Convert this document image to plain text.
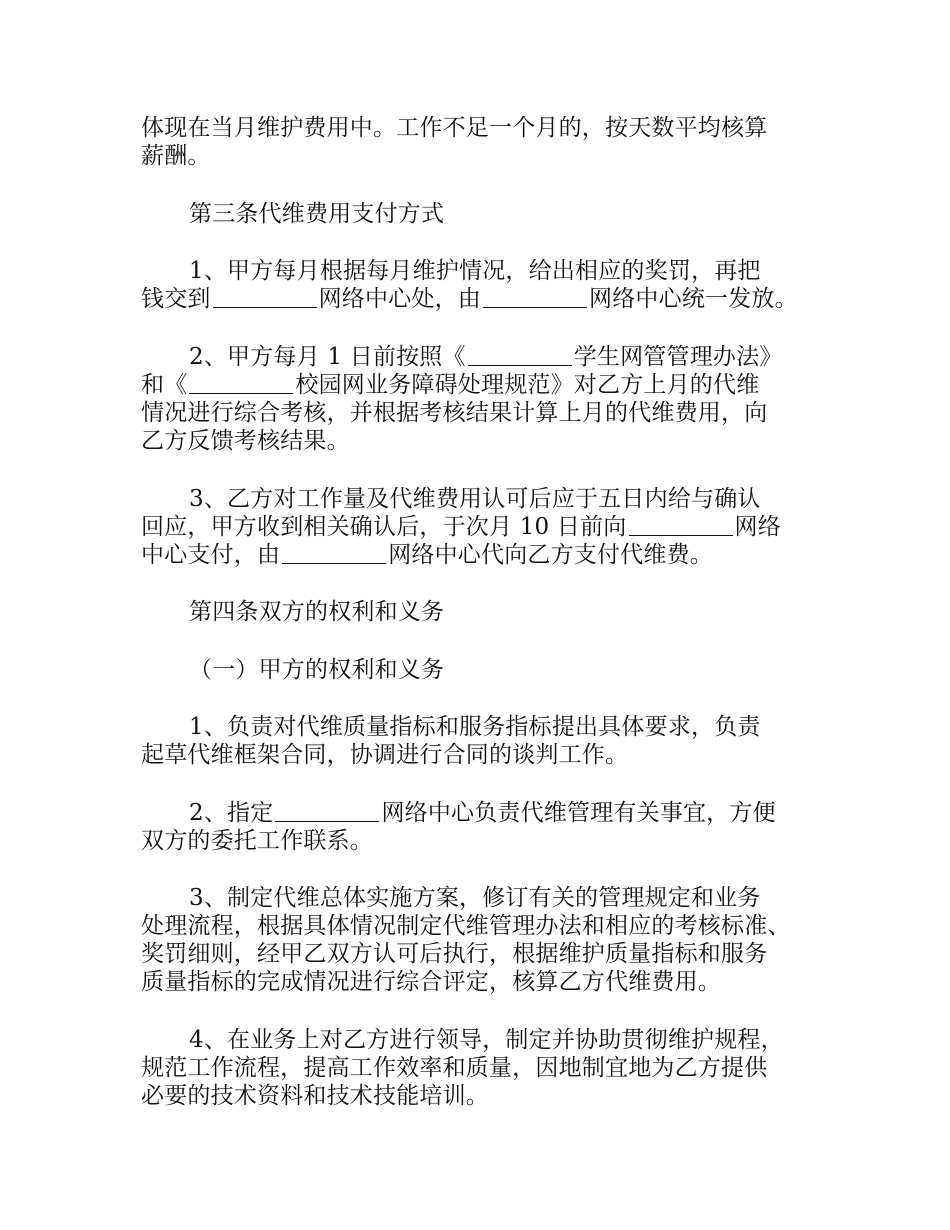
体现在当月维护费用中。工作不足一个月的，按天数平均核算
薪酬。
第三条代维费用支付方式
1、甲方每月根据每月维护情况，给出相应的奖罚，再把
钱交到	网络中心处，由	网络中心统一发放。
2、甲方每月 1 日前按照《	学生网管管理办法》
和《	校园网业务障碍处理规范》对乙方上月的代维
情况进行综合考核，并根据考核结果计算上月的代维费用，向
乙方反馈考核结果。
3、乙方对工作量及代维费用认可后应于五日内给与确认
回应，甲方收到相关确认后，于次月 10 日前向	网络
中心支付，由	网络中心代向乙方支付代维费。
第四条双方的权利和义务
（一）甲方的权利和义务
1、负责对代维质量指标和服务指标提出具体要求，负责
起草代维框架合同，协调进行合同的谈判工作。
2、指定	网络中心负责代维管理有关事宜，方便
双方的委托工作联系。
3、制定代维总体实施方案，修订有关的管理规定和业务
处理流程，根据具体情况制定代维管理办法和相应的考核标准、
奖罚细则，经甲乙双方认可后执行，根据维护质量指标和服务
质量指标的完成情况进行综合评定，核算乙方代维费用。
4、在业务上对乙方进行领导，制定并协助贯彻维护规程，
规范工作流程，提高工作效率和质量，因地制宜地为乙方提供
必要的技术资料和技术技能培训。
